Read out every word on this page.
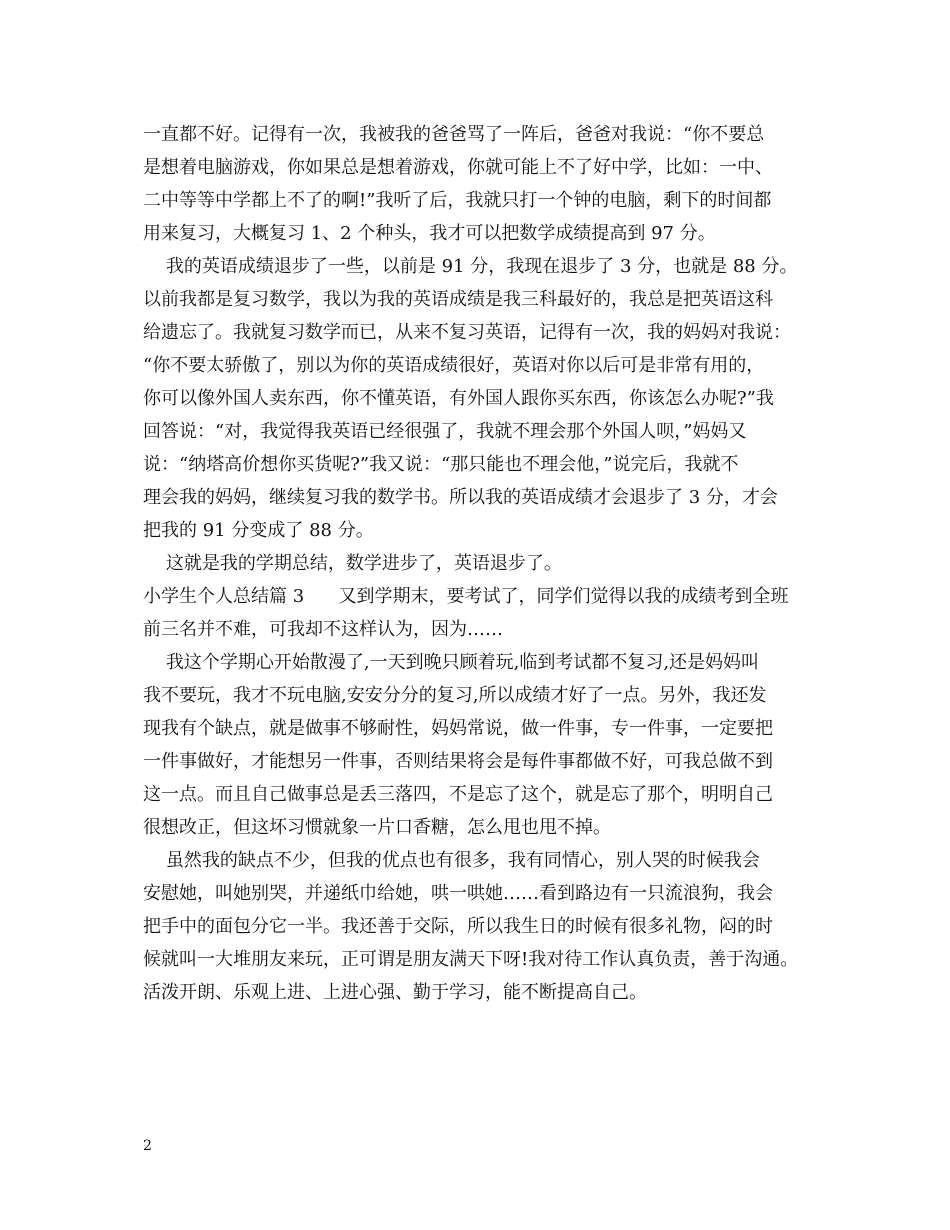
一直都不好。记得有一次，我被我的爸爸骂了一阵后，爸爸对我说：“你不要总
是想着电脑游戏，你如果总是想着游戏，你就可能上不了好中学，比如：一中、
二中等等中学都上不了的啊!”我听了后，我就只打一个钟的电脑，剩下的时间都
用来复习，大概复习 1、2 个种头，我才可以把数学成绩提高到 97 分。
我的英语成绩退步了一些，以前是 91 分，我现在退步了 3 分，也就是 88 分。
以前我都是复习数学，我以为我的英语成绩是我三科最好的，我总是把英语这科
给遗忘了。我就复习数学而已，从来不复习英语，记得有一次，我的妈妈对我说：
“你不要太骄傲了，别以为你的英语成绩很好，英语对你以后可是非常有用的，
你可以像外国人卖东西，你不懂英语，有外国人跟你买东西，你该怎么办呢?”我
回答说：“对，我觉得我英语已经很强了，我就不理会那个外国人呗，”妈妈又
说：“纳塔高价想你买货呢?”我又说：“那只能也不理会他，”说完后，我就不
理会我的妈妈，继续复习我的数学书。所以我的英语成绩才会退步了 3 分，才会
把我的 91 分变成了 88 分。
这就是我的学期总结，数学进步了，英语退步了。
小学生个人总结篇 3      又到学期末，要考试了，同学们觉得以我的成绩考到全班
前三名并不难，可我却不这样认为，因为……
我这个学期心开始散漫了,一天到晚只顾着玩,临到考试都不复习,还是妈妈叫
我不要玩，我才不玩电脑,安安分分的复习,所以成绩才好了一点。另外，我还发
现我有个缺点，就是做事不够耐性，妈妈常说，做一件事，专一件事，一定要把
一件事做好，才能想另一件事，否则结果将会是每件事都做不好，可我总做不到
这一点。而且自己做事总是丢三落四，不是忘了这个，就是忘了那个，明明自己
很想改正，但这坏习惯就象一片口香糖，怎么甩也甩不掉。
虽然我的缺点不少，但我的优点也有很多，我有同情心，别人哭的时候我会
安慰她，叫她别哭，并递纸巾给她，哄一哄她……看到路边有一只流浪狗，我会
把手中的面包分它一半。我还善于交际，所以我生日的时候有很多礼物，闷的时
候就叫一大堆朋友来玩，正可谓是朋友满天下呀!我对待工作认真负责，善于沟通。
活泼开朗、乐观上进、上进心强、勤于学习，能不断提高自己。
2
